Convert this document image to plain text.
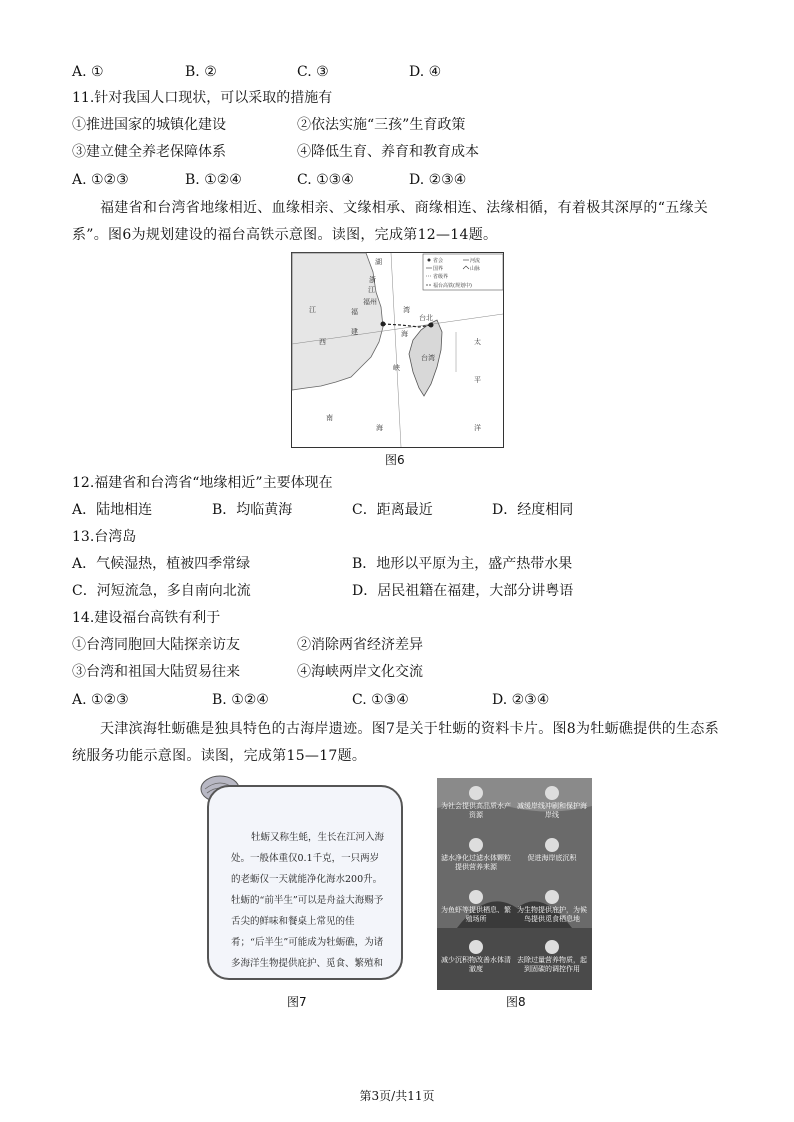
A. ①	B. ②	C. ③	D. ④
11.针对我国人口现状，可以采取的措施有
①推进国家的城镇化建设	②依法实施“三孩”生育政策
③建立健全养老保障体系	④降低生育、养育和教育成本
A. ①②③	B. ①②④	C. ①③④	D. ②③④
福建省和台湾省地缘相近、血缘相亲、文缘相承、商缘相连、法缘相循，有着极其深厚的“五缘关系”。图6为规划建设的福台高铁示意图。读图，完成第12—14题。
省会
国界
省级界
河流
山脉
福台高铁(规划中)
浙
江
福州
福
建
台北
湾
海
峡
太
平
洋
南
海
江
西
湖
台湾
图6
12.福建省和台湾省“地缘相近”主要体现在
A．陆地相连	B．均临黄海	C．距离最近	D．经度相同
13.台湾岛
A．气候湿热，植被四季常绿	B．地形以平原为主，盛产热带水果
C．河短流急，多自南向北流	D．居民祖籍在福建，大部分讲粤语
14.建设福台高铁有利于
①台湾同胞回大陆探亲访友	②消除两省经济差异
③台湾和祖国大陆贸易往来	④海峡两岸文化交流
A. ①②③	B. ①②④	C. ①③④	D. ②③④
天津滨海牡蛎礁是独具特色的古海岸遗迹。图7是关于牡蛎的资料卡片。图8为牡蛎礁提供的生态系统服务功能示意图。读图，完成第15—17题。
牡蛎又称生蚝，生长在江河入海处。一般体重仅0.1千克，一只两岁的老蛎仅一天就能净化海水200升。牡蛎的“前半生”可以是舟益大海赐予舌尖的鲜味和餐桌上常见的佳肴；“后半生”可能成为牡蛎礁，为诸多海洋生物提供庇护、觅食、繁殖和
图7
为社会提供高品质水产资源
减缓岸线冲刷和保护海岸线
滤水净化过滤水体颗粒提供营养来源
促进海岸底沉积
为鱼虾等提供栖息、繁殖场所
为生物提供庇护，为候鸟提供觅食栖息地
减少沉积物改善水体清澈度
去除过量营养物质，起到固碳的调控作用
图8
第3页/共11页
